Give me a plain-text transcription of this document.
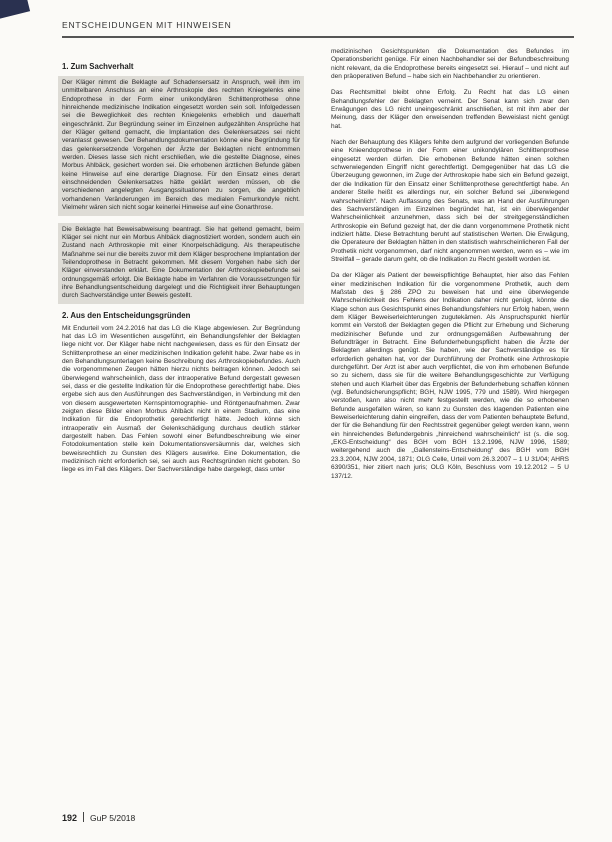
ENTSCHEIDUNGEN MIT HINWEISEN
1. Zum Sachverhalt

Der Kläger nimmt die Beklagte auf Schadensersatz in Anspruch, weil ihm im unmittelbaren Anschluss an eine Arthroskopie des rechten Kniegelenks eine Endoprothese in der Form einer unikondylären Schlittenprothese ohne hinreichende medizinische Indikation eingesetzt worden sein soll. Infolgedessen sei die Beweglichkeit des rechten Kniegelenks erheblich und dauerhaft eingeschränkt. Zur Begründung seiner im Einzelnen aufgezählten Ansprüche hat der Kläger geltend gemacht, die Implantation des Gelenkersatzes sei nicht veranlasst gewesen. Der Behandlungsdokumentation könne eine Begründung für das gelenkersetzende Vorgehen der Ärzte der Beklagten nicht entnommen werden. Dieses lasse sich nicht erschließen, wie die gestellte Diagnose, eines Morbus Ahlbäck, gesichert worden sei. Die erhobenen ärztlichen Befunde gäben keine Hinweise auf eine derartige Diagnose. Für den Einsatz eines derart einschneidenden Gelenkersatzes hätte geklärt werden müssen, ob die verschiedenen angelegten Ausgangssituationen zu sorgen, die angeblich vorhandenen Veränderungen im Bereich des medialen Femurkondyle nicht. Vielmehr wären sich nicht sogar keinerlei Hinweise auf eine Gonarthrose.

Die Beklagte hat Beweisabweisung beantragt. Sie hat geltend gemacht, beim Kläger sei nicht nur ein Morbus Ahlbäck diagnostiziert worden, sondern auch ein Zustand nach Arthroskopie mit einer Knorpelschädigung. Als therapeutische Maßnahme sei nur die bereits zuvor mit dem Kläger besprochene Implantation der Teilendoprothese in Betracht gekommen. Mit diesem Vorgehen habe sich der Kläger einverstanden erklärt. Eine Dokumentation der Arthroskopiebefunde sei ordnungsgemäß erfolgt. Die Beklagte habe im Verfahren die Voraussetzungen für ihre Behandlungsentscheidung dargelegt und die Richtigkeit ihrer Behauptungen durch Sachverständige unter Beweis gestellt.

2. Aus den Entscheidungsgründen

Mit Endurteil vom 24.2.2016 hat das LG die Klage abgewiesen. Zur Begründung hat das LG im Wesentlichen ausgeführt, ein Behandlungsfehler der Beklagten liege nicht vor. Der Kläger habe nicht nachgewiesen, dass es für den Einsatz der Schlittenprothese an einer medizinischen Indikation gefehlt habe. Zwar habe es in den Behandlungsunterlagen keine Beschreibung des Arthroskopiebefundes. Auch die vorgenommenen Zeugen hätten hierzu nichts beitragen können. Jedoch sei überwiegend wahrscheinlich, dass der intraoperative Befund dergestalt gewesen sei, dass er die gestellte Indikation für die Endoprothese gerechtfertigt habe. Dies ergebe sich aus den Ausführungen des Sachverständigen, in Verbindung mit den von diesem ausgewerteten Kernspintomographie- und Röntgenaufnahmen. Zwar zeigten diese Bilder einen Morbus Ahlbäck nicht in einem Stadium, das eine Indikation für die Endoprothetik gerechtfertigt hätte. Jedoch könne sich intraoperativ ein Ausmaß der Gelenkschädigung durchaus deutlich stärker dargestellt haben. Das Fehlen sowohl einer Befundbeschreibung wie einer Fotodokumentation stelle kein Dokumentationsversäumnis dar, welches sich beweisrechtlich zu Gunsten des Klägers auswirke. Eine Dokumentation, die medizinisch nicht erforderlich sei, sei auch aus Rechtsgründen nicht geboten. So liege es im Fall des Klägers. Der Sachverständige habe dargelegt, dass unter

medizinischen Gesichtspunkten die Dokumentation des Befundes im Operationsbericht genüge. Für einen Nachbehandler sei der Befundbeschreibung nicht relevant, da die Endoprothese bereits eingesetzt sei. Hierauf – und nicht auf den präoperativen Befund – habe sich ein Nachbehandler zu orientieren.

Das Rechtsmittel bleibt ohne Erfolg. Zu Recht hat das LG einen Behandlungsfehler der Beklagten verneint. Der Senat kann sich zwar den Erwägungen des LG nicht uneingeschränkt anschließen, ist mit ihm aber der Meinung, dass der Kläger den erweisenden treffenden Beweislast nicht genügt hat.

Nach der Behauptung des Klägers fehlte dem aufgrund der vorliegenden Befunde eine Knieendoprothese in der Form einer unikondylären Schlittenprothese eingesetzt werden dürfen. Die erhobenen Befunde hätten einen solchen schwerwiegenden Eingriff nicht gerechtfertigt. Demgegenüber hat das LG die Überzeugung gewonnen, im Zuge der Arthroskopie habe sich ein Befund gezeigt, der die Indikation für den Einsatz einer Schlittenprothese gerechtfertigt habe. An anderer Stelle heißt es allerdings nur, ein solcher Befund sei „überwiegend wahrscheinlich“. Nach Auffassung des Senats, was an Hand der Ausführungen des Sachverständigen im Einzelnen begründet hat, ist ein überwiegender Wahrscheinlichkeit anzunehmen, dass sich bei der streitgegenständlichen Arthroskopie ein Befund gezeigt hat, der die dann vorgenommene Prothetik nicht indiziert hätte. Diese Betrachtung beruht auf statistischen Werten. Die Erwägung, die Operateure der Beklagten hätten in den statistisch wahrscheinlicheren Fall der Prothetik nicht vorgenommen, darf nicht angenommen werden, wenn es – wie im Streitfall – gerade darum geht, ob die Indikation zu Recht gestellt worden ist.

Da der Kläger als Patient der beweispflichtige Behauptet, hier also das Fehlen einer medizinischen Indikation für die vorgenommene Prothetik, auch dem Maßstab des § 286 ZPO zu beweisen hat und eine überwiegende Wahrscheinlichkeit des Fehlens der Indikation daher nicht genügt, könnte die Klage schon aus Gesichtspunkt eines Behandlungsfehlers nur Erfolg haben, wenn dem Kläger Beweiserleichterungen zugutekämen. Als Anspruchspunkt hierfür kommt ein Verstoß der Beklagten gegen die Pflicht zur Erhebung und Sicherung medizinischer Befunde und zur ordnungsgemäßen Aufbewahrung der Befundträger in Betracht. Eine Befunderhebungspflicht haben die Ärzte der Beklagten allerdings genügt. Sie haben, wie der Sachverständige es für erforderlich gehalten hat, vor der Durchführung der Prothetik eine Arthroskopie durchgeführt. Der Arzt ist aber auch verpflichtet, die von ihm erhobenen Befunde so zu sichern, dass sie für die weitere Behandlungsgeschichte zur Verfügung stehen und auch Klarheit über das Ergebnis der Befunderhebung schaffen können (vgl. Befundsicherungspflicht; BGH, NJW 1995, 779 und 1589). Wird hiergegen verstoßen, kann also nicht mehr festgestellt werden, wie die so erhobenen Befunde ausgefallen wären, so kann zu Gunsten des klagenden Patienten eine Beweiserleichterung dahin eingreifen, dass der vom Patienten behauptete Befund, der für die Behandlung für den Rechtsstreit gegenüber gelegt werden kann, wenn ein hinreichendes Befundergebnis „hinreichend wahrscheinlich“ ist (s. die sog. „EKG-Entscheidung“ des BGH vom BGH 13.2.1996, NJW 1996, 1589; weitergehend auch die „Gallensteins-Entscheidung“ des BGH vom BGH 23.3.2004, NJW 2004, 1871; OLG Celle, Urteil vom 26.3.2007 – 1 U 31/04; AHRS 6390/351, hier zitiert nach juris; OLG Köln, Beschluss vom 19.12.2012 – 5 U 137/12.

192 GuP 5/2018
